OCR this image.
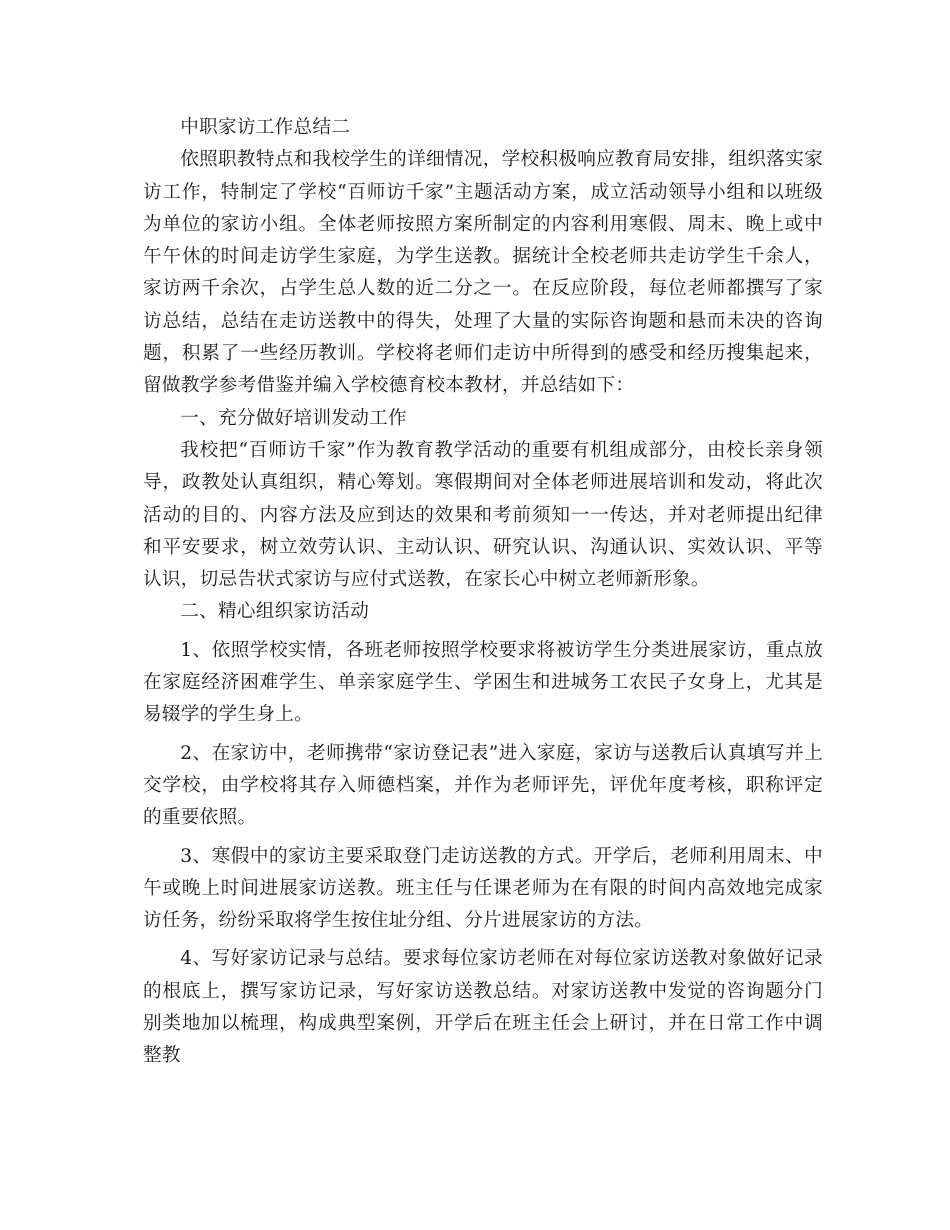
中职家访工作总结二

依照职教特点和我校学生的详细情况，学校积极响应教育局安排，组织落实家访工作，特制定了学校“百师访千家”主题活动方案，成立活动领导小组和以班级为单位的家访小组。全体老师按照方案所制定的内容利用寒假、周末、晚上或中午午休的时间走访学生家庭，为学生送教。据统计全校老师共走访学生千余人，家访两千余次，占学生总人数的近二分之一。在反应阶段，每位老师都撰写了家访总结，总结在走访送教中的得失，处理了大量的实际咨询题和悬而未决的咨询题，积累了一些经历教训。学校将老师们走访中所得到的感受和经历搜集起来，留做教学参考借鉴并编入学校德育校本教材，并总结如下：

一、充分做好培训发动工作

我校把“百师访千家”作为教育教学活动的重要有机组成部分，由校长亲身领导，政教处认真组织，精心筹划。寒假期间对全体老师进展培训和发动，将此次活动的目的、内容方法及应到达的效果和考前须知一一传达，并对老师提出纪律和平安要求，树立效劳认识、主动认识、研究认识、沟通认识、实效认识、平等认识，切忌告状式家访与应付式送教，在家长心中树立老师新形象。

二、精心组织家访活动

1、依照学校实情，各班老师按照学校要求将被访学生分类进展家访，重点放在家庭经济困难学生、单亲家庭学生、学困生和进城务工农民子女身上，尤其是易辍学的学生身上。

2、在家访中，老师携带“家访登记表”进入家庭，家访与送教后认真填写并上交学校，由学校将其存入师德档案，并作为老师评先，评优年度考核，职称评定的重要依照。

3、寒假中的家访主要采取登门走访送教的方式。开学后，老师利用周末、中午或晚上时间进展家访送教。班主任与任课老师为在有限的时间内高效地完成家访任务，纷纷采取将学生按住址分组、分片进展家访的方法。

4、写好家访记录与总结。要求每位家访老师在对每位家访送教对象做好记录的根底上，撰写家访记录，写好家访送教总结。对家访送教中发觉的咨询题分门别类地加以梳理，构成典型案例，开学后在班主任会上研讨，并在日常工作中调整教
